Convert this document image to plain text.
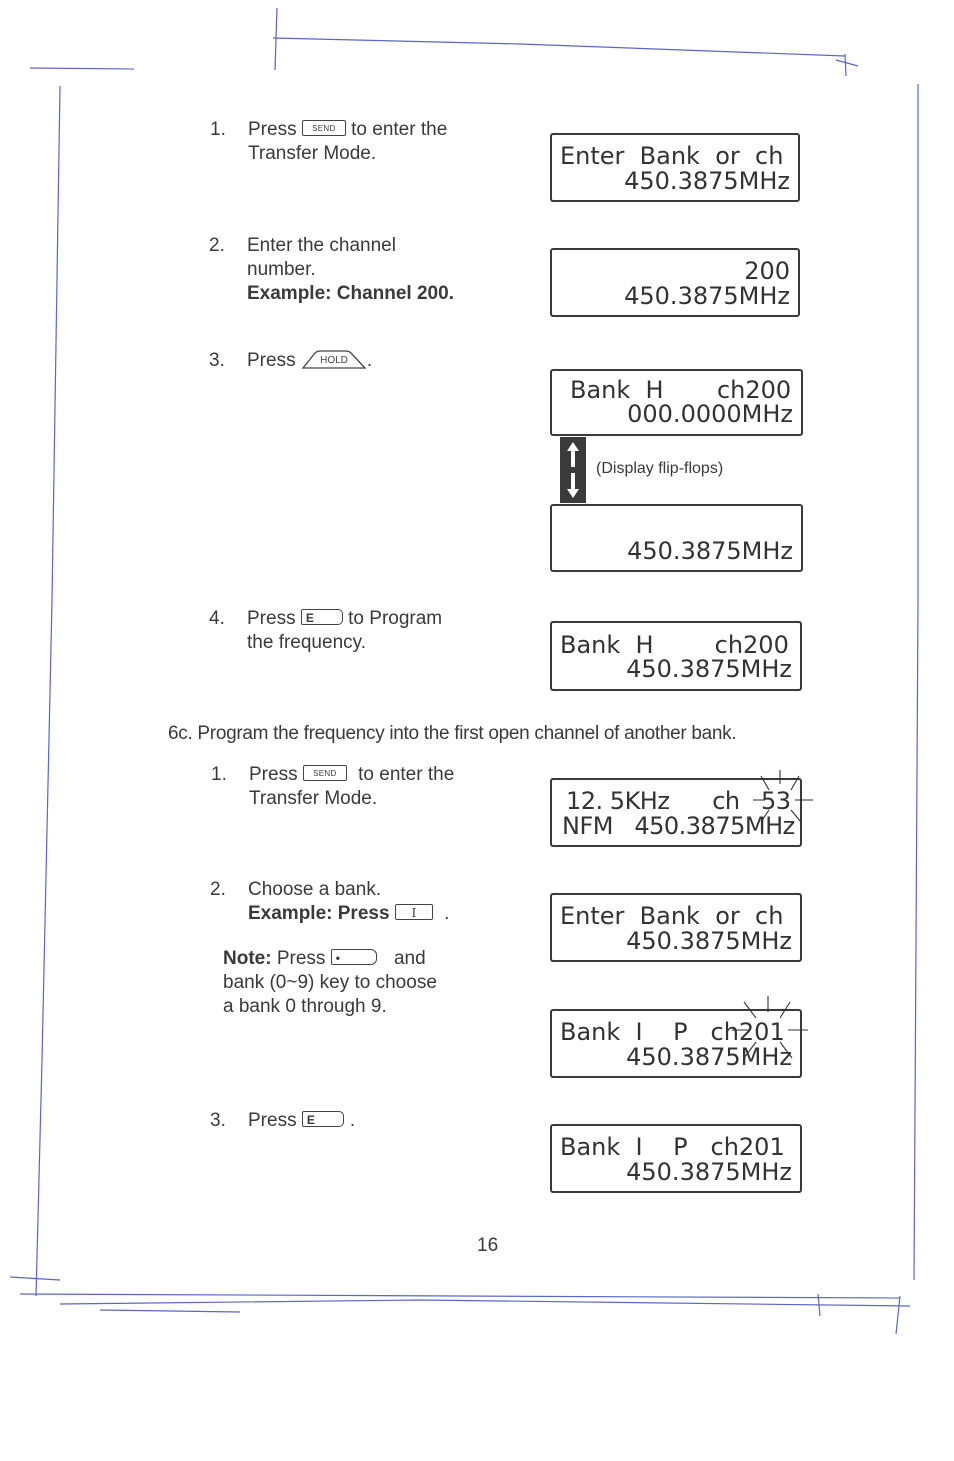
1.	Press SEND to enter the
Transfer Mode.
2.	Enter the channel
number.
Example: Channel 200.
3.	Press HOLD .
4.	Press E to Program
the frequency.
Enter  Bank  or  ch
450.3875MHz
200
450.3875MHz
Bank  H       ch200
000.0000MHz
(Display flip-flops)
450.3875MHz
Bank  H        ch200
450.3875MHz
6c. Program the frequency into the first open channel of another bank.
1.	Press SEND to enter the
Transfer Mode.
2.	Choose a bank.
Example: Press I .
Note: Press •	and
bank (0~9) key to choose
a bank 0 through 9.
3.	Press E .
12. 5KHz      ch   53
NFM   450.3875MHz
Enter  Bank  or  ch
450.3875MHz
Bank  I    P   ch201
450.3875MHz
Bank  I    P   ch201
450.3875MHz
16
